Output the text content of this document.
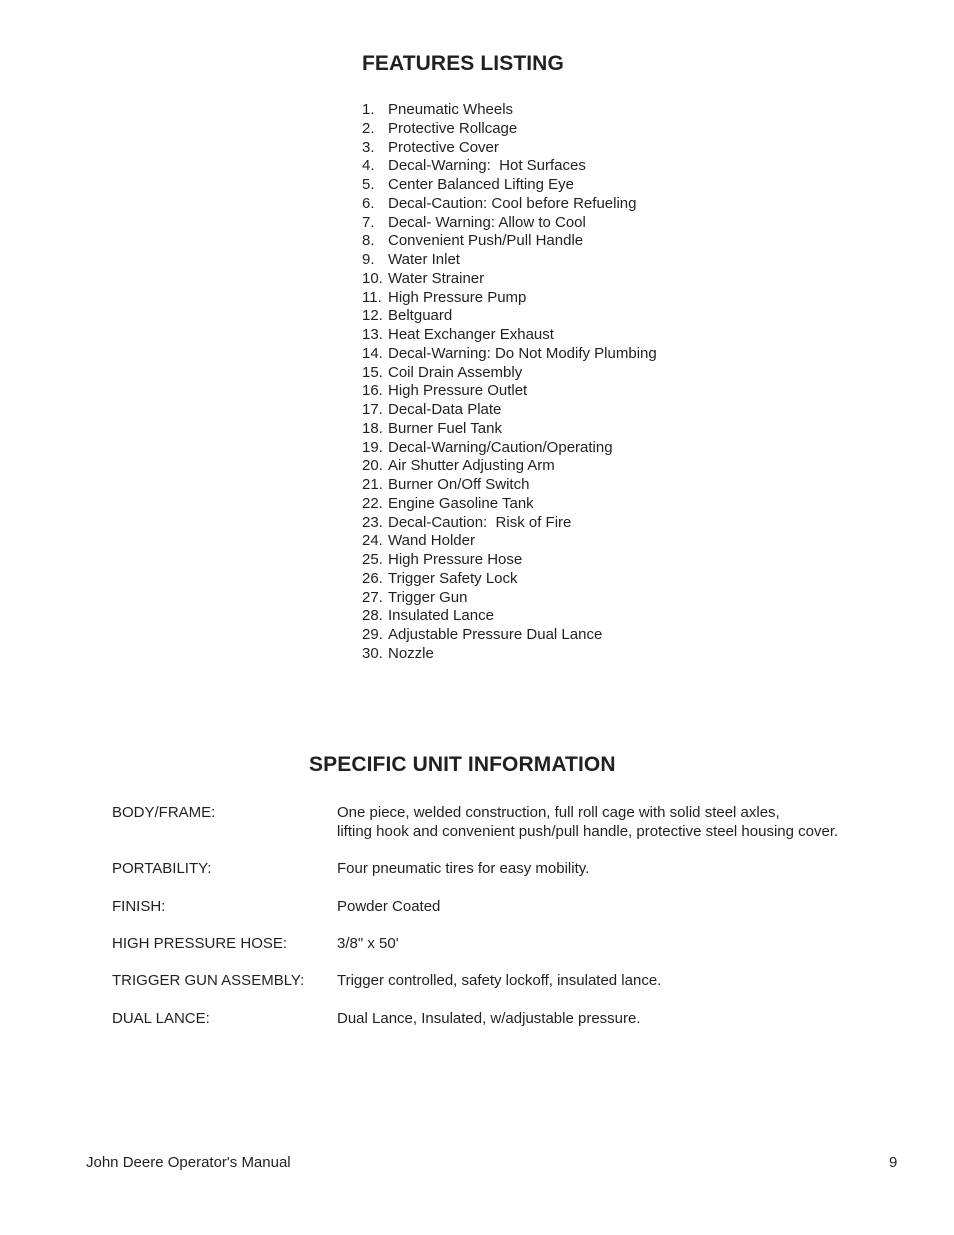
FEATURES LISTING
1. Pneumatic Wheels
2. Protective Rollcage
3. Protective Cover
4. Decal-Warning:  Hot Surfaces
5. Center Balanced Lifting Eye
6. Decal-Caution: Cool before Refueling
7. Decal- Warning: Allow to Cool
8. Convenient Push/Pull Handle
9. Water Inlet
10. Water Strainer
11. High Pressure Pump
12. Beltguard
13. Heat Exchanger Exhaust
14. Decal-Warning: Do Not Modify Plumbing
15. Coil Drain Assembly
16. High Pressure Outlet
17. Decal-Data Plate
18. Burner Fuel Tank
19. Decal-Warning/Caution/Operating
20. Air Shutter Adjusting Arm
21. Burner On/Off Switch
22. Engine Gasoline Tank
23. Decal-Caution:  Risk of Fire
24. Wand Holder
25. High Pressure Hose
26. Trigger Safety Lock
27. Trigger Gun
28. Insulated Lance
29. Adjustable Pressure Dual Lance
30. Nozzle
SPECIFIC UNIT INFORMATION
BODY/FRAME:	One piece, welded construction, full roll cage with solid steel axles,
lifting hook and convenient push/pull handle, protective steel housing cover.
PORTABILITY:	Four pneumatic tires for easy mobility.
FINISH:	Powder Coated
HIGH PRESSURE HOSE:	3/8" x 50'
TRIGGER GUN ASSEMBLY: Trigger controlled, safety lockoff, insulated lance.
DUAL LANCE:	Dual Lance, Insulated, w/adjustable pressure.
John Deere Operator's Manual	9
